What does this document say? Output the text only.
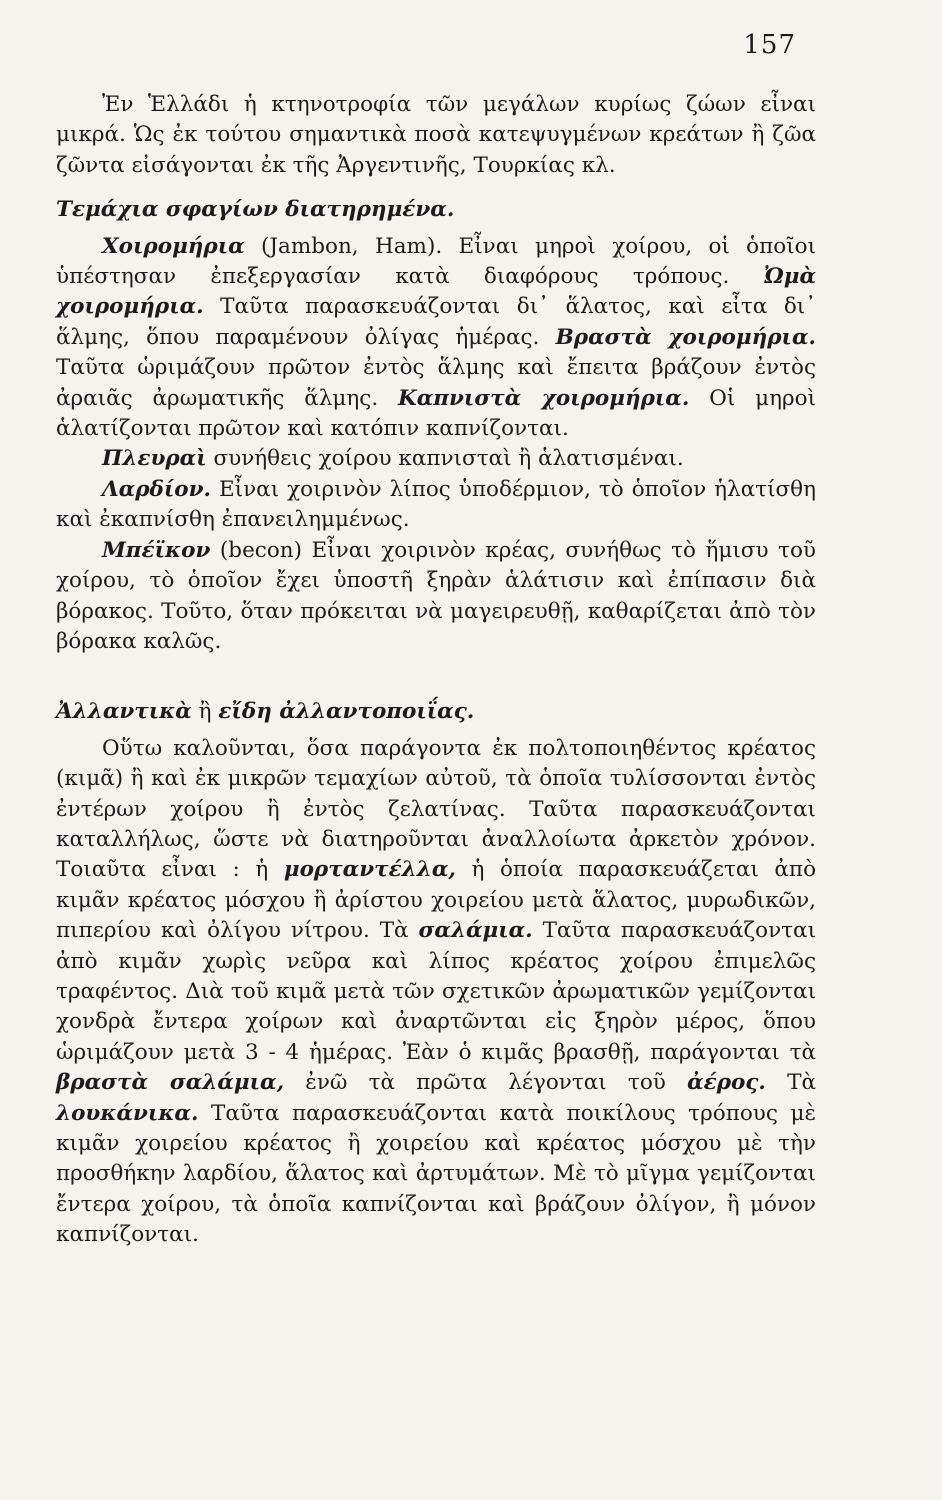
157

Ἐν Ἑλλάδι ἡ κτηνοτροφία τῶν μεγάλων κυρίως ζώων εἶναι μικρά. Ὡς ἐκ τούτου σημαντικὰ ποσὰ κατεψυγμένων κρεάτων ἢ ζῶα ζῶντα εἰσάγονται ἐκ τῆς Ἀργεντινῆς, Τουρκίας κλ.

Τεμάχια σφαγίων διατηρημένα.

Χοιρομήρια (Jambon, Ham). Εἶναι μηροὶ χοίρου, οἱ ὁποῖοι ὑπέστησαν ἐπεξεργασίαν κατὰ διαφόρους τρόπους. Ὠμὰ χοιρομήρια. Ταῦτα παρασκευάζονται δι᾿ ἅλατος, καὶ εἶτα δι᾿ ἅλμης, ὅπου παραμένουν ὀλίγας ἡμέρας. Βραστὰ χοιρομήρια. Ταῦτα ὡριμάζουν πρῶτον ἐντὸς ἅλμης καὶ ἔπειτα βράζουν ἐντὸς ἀραιᾶς ἀρωματικῆς ἅλμης. Καπνιστὰ χοιρομήρια. Οἱ μηροὶ ἁλατίζονται πρῶτον καὶ κατόπιν καπνίζονται.

Πλευραὶ συνήθεις χοίρου καπνισταὶ ἢ ἁλατισμέναι.

Λαρδίον. Εἶναι χοιρινὸν λίπος ὑποδέρμιον, τὸ ὁποῖον ἡλατίσθη καὶ ἐκαπνίσθη ἐπανειλημμένως.

Μπέϊκον (becon) Εἶναι χοιρινὸν κρέας, συνήθως τὸ ἥμισυ τοῦ χοίρου, τὸ ὁποῖον ἔχει ὑποστῆ ξηρὰν ἁλάτισιν καὶ ἐπίπασιν διὰ βόρακος. Τοῦτο, ὅταν πρόκειται νὰ μαγειρευθῇ, καθαρίζεται ἀπὸ τὸν βόρακα καλῶς.

Ἀλλαντικὰ ἢ εἴδη ἀλλαντοποιΐας.

Οὕτω καλοῦνται, ὅσα παράγοντα ἐκ πολτοποιηθέντος κρέατος (κιμᾶ) ἢ καὶ ἐκ μικρῶν τεμαχίων αὐτοῦ, τὰ ὁποῖα τυλίσσονται ἐντὸς ἐντέρων χοίρου ἢ ἐντὸς ζελατίνας. Ταῦτα παρασκευάζονται καταλλήλως, ὥστε νὰ διατηροῦνται ἀναλλοίωτα ἀρκετὸν χρόνον. Τοιαῦτα εἶναι : ἡ μορταντέλλα, ἡ ὁποία παρασκευάζεται ἀπὸ κιμᾶν κρέατος μόσχου ἢ ἀρίστου χοιρείου μετὰ ἅλατος, μυρωδικῶν, πιπερίου καὶ ὀλίγου νίτρου. Τὰ σαλάμια. Ταῦτα παρασκευάζονται ἀπὸ κιμᾶν χωρὶς νεῦρα καὶ λίπος κρέατος χοίρου ἐπιμελῶς τραφέντος. Διὰ τοῦ κιμᾶ μετὰ τῶν σχετικῶν ἀρωματικῶν γεμίζονται χονδρὰ ἔντερα χοίρων καὶ ἀναρτῶνται εἰς ξηρὸν μέρος, ὅπου ὡριμάζουν μετὰ 3 - 4 ἡμέρας. Ἐὰν ὁ κιμᾶς βρασθῇ, παράγονται τὰ βραστὰ σαλάμια, ἐνῶ τὰ πρῶτα λέγονται τοῦ ἀέρος. Τὰ λουκάνικα. Ταῦτα παρασκευάζονται κατὰ ποικίλους τρόπους μὲ κιμᾶν χοιρείου κρέατος ἢ χοιρείου καὶ κρέατος μόσχου μὲ τὴν προσθήκην λαρδίου, ἅλατος καὶ ἀρτυμάτων. Μὲ τὸ μῖγμα γεμίζονται ἔντερα χοίρου, τὰ ὁποῖα καπνίζονται καὶ βράζουν ὀλίγον, ἢ μόνον καπνίζονται.
